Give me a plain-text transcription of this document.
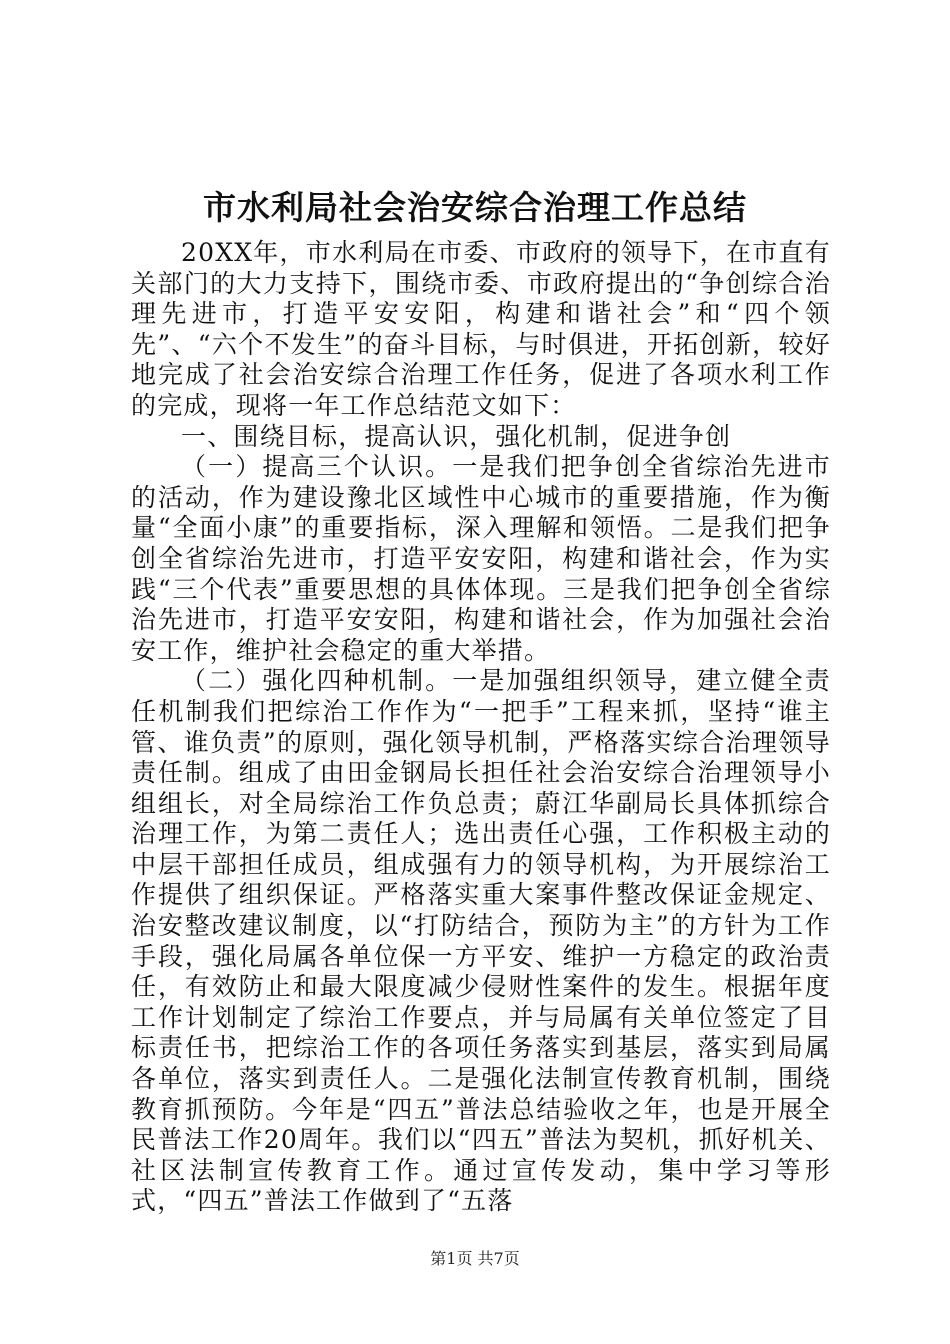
市水利局社会治安综合治理工作总结

20XX年，市水利局在市委、市政府的领导下，在市直有关部门的大力支持下，围绕市委、市政府提出的“争创综合治理先进市，打造平安安阳，构建和谐社会”和“四个领先”、“六个不发生”的奋斗目标，与时俱进，开拓创新，较好地完成了社会治安综合治理工作任务，促进了各项水利工作的完成，现将一年工作总结范文如下：

一、围绕目标，提高认识，强化机制，促进争创

（一）提高三个认识。一是我们把争创全省综治先进市的活动，作为建设豫北区域性中心城市的重要措施，作为衡量“全面小康”的重要指标，深入理解和领悟。二是我们把争创全省综治先进市，打造平安安阳，构建和谐社会，作为实践“三个代表”重要思想的具体体现。三是我们把争创全省综治先进市，打造平安安阳，构建和谐社会，作为加强社会治安工作，维护社会稳定的重大举措。

（二）强化四种机制。一是加强组织领导，建立健全责任机制我们把综治工作作为“一把手”工程来抓，坚持“谁主管、谁负责”的原则，强化领导机制，严格落实综合治理领导责任制。组成了由田金钢局长担任社会治安综合治理领导小组组长，对全局综治工作负总责；蔚江华副局长具体抓综合治理工作，为第二责任人；选出责任心强，工作积极主动的中层干部担任成员，组成强有力的领导机构，为开展综治工作提供了组织保证。严格落实重大案事件整改保证金规定、治安整改建议制度，以“打防结合，预防为主”的方针为工作手段，强化局属各单位保一方平安、维护一方稳定的政治责任，有效防止和最大限度减少侵财性案件的发生。根据年度工作计划制定了综治工作要点，并与局属有关单位签定了目标责任书，把综治工作的各项任务落实到基层，落实到局属各单位，落实到责任人。二是强化法制宣传教育机制，围绕教育抓预防。今年是“四五”普法总结验收之年，也是开展全民普法工作20周年。我们以“四五”普法为契机，抓好机关、社区法制宣传教育工作。通过宣传发动，集中学习等形式，“四五”普法工作做到了“五落

第1页 共7页
